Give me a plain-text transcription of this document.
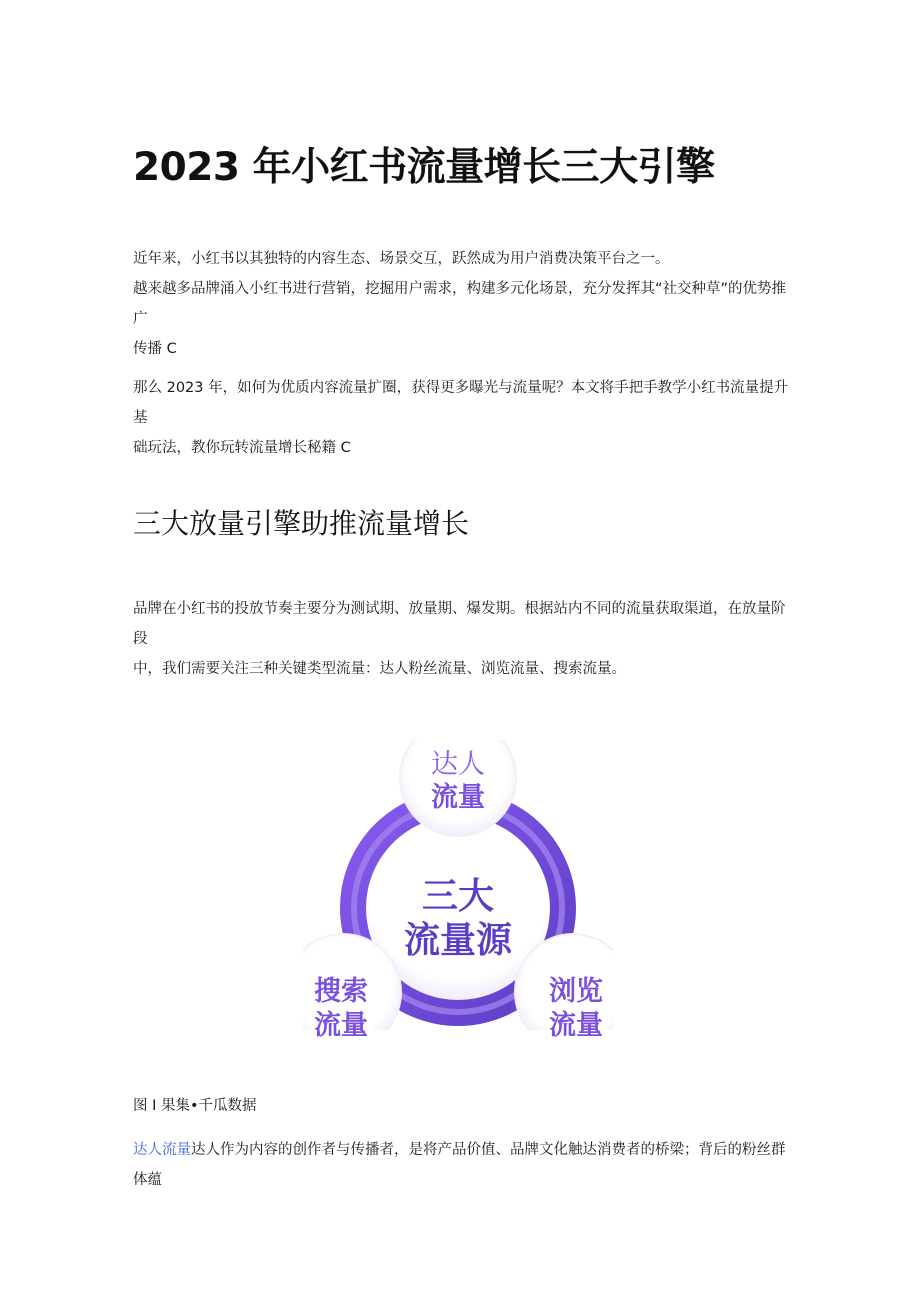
2023 年小红书流量增长三大引擎

近年来，小红书以其独特的内容生态、场景交互，跃然成为用户消费决策平台之一。
越来越多品牌涌入小红书进行营销，挖掘用户需求，构建多元化场景，充分发挥其“社交种草”的优势推广
传播 C

那么 2023 年，如何为优质内容流量扩圈，获得更多曝光与流量呢？本文将手把手教学小红书流量提升基
础玩法，教你玩转流量增长秘籍 C

三大放量引擎助推流量增长

品牌在小红书的投放节奏主要分为测试期、放量期、爆发期。根据站内不同的流量获取渠道，在放量阶段
中，我们需要关注三种关键类型流量：达人粉丝流量、浏览流量、搜索流量。

三大
流量源
达人
流量
搜索
流量
浏览
流量

图 I 果集•千瓜数据

达人流量达人作为内容的创作者与传播者，是将产品价值、品牌文化触达消费者的桥梁；背后的粉丝群体蕴
